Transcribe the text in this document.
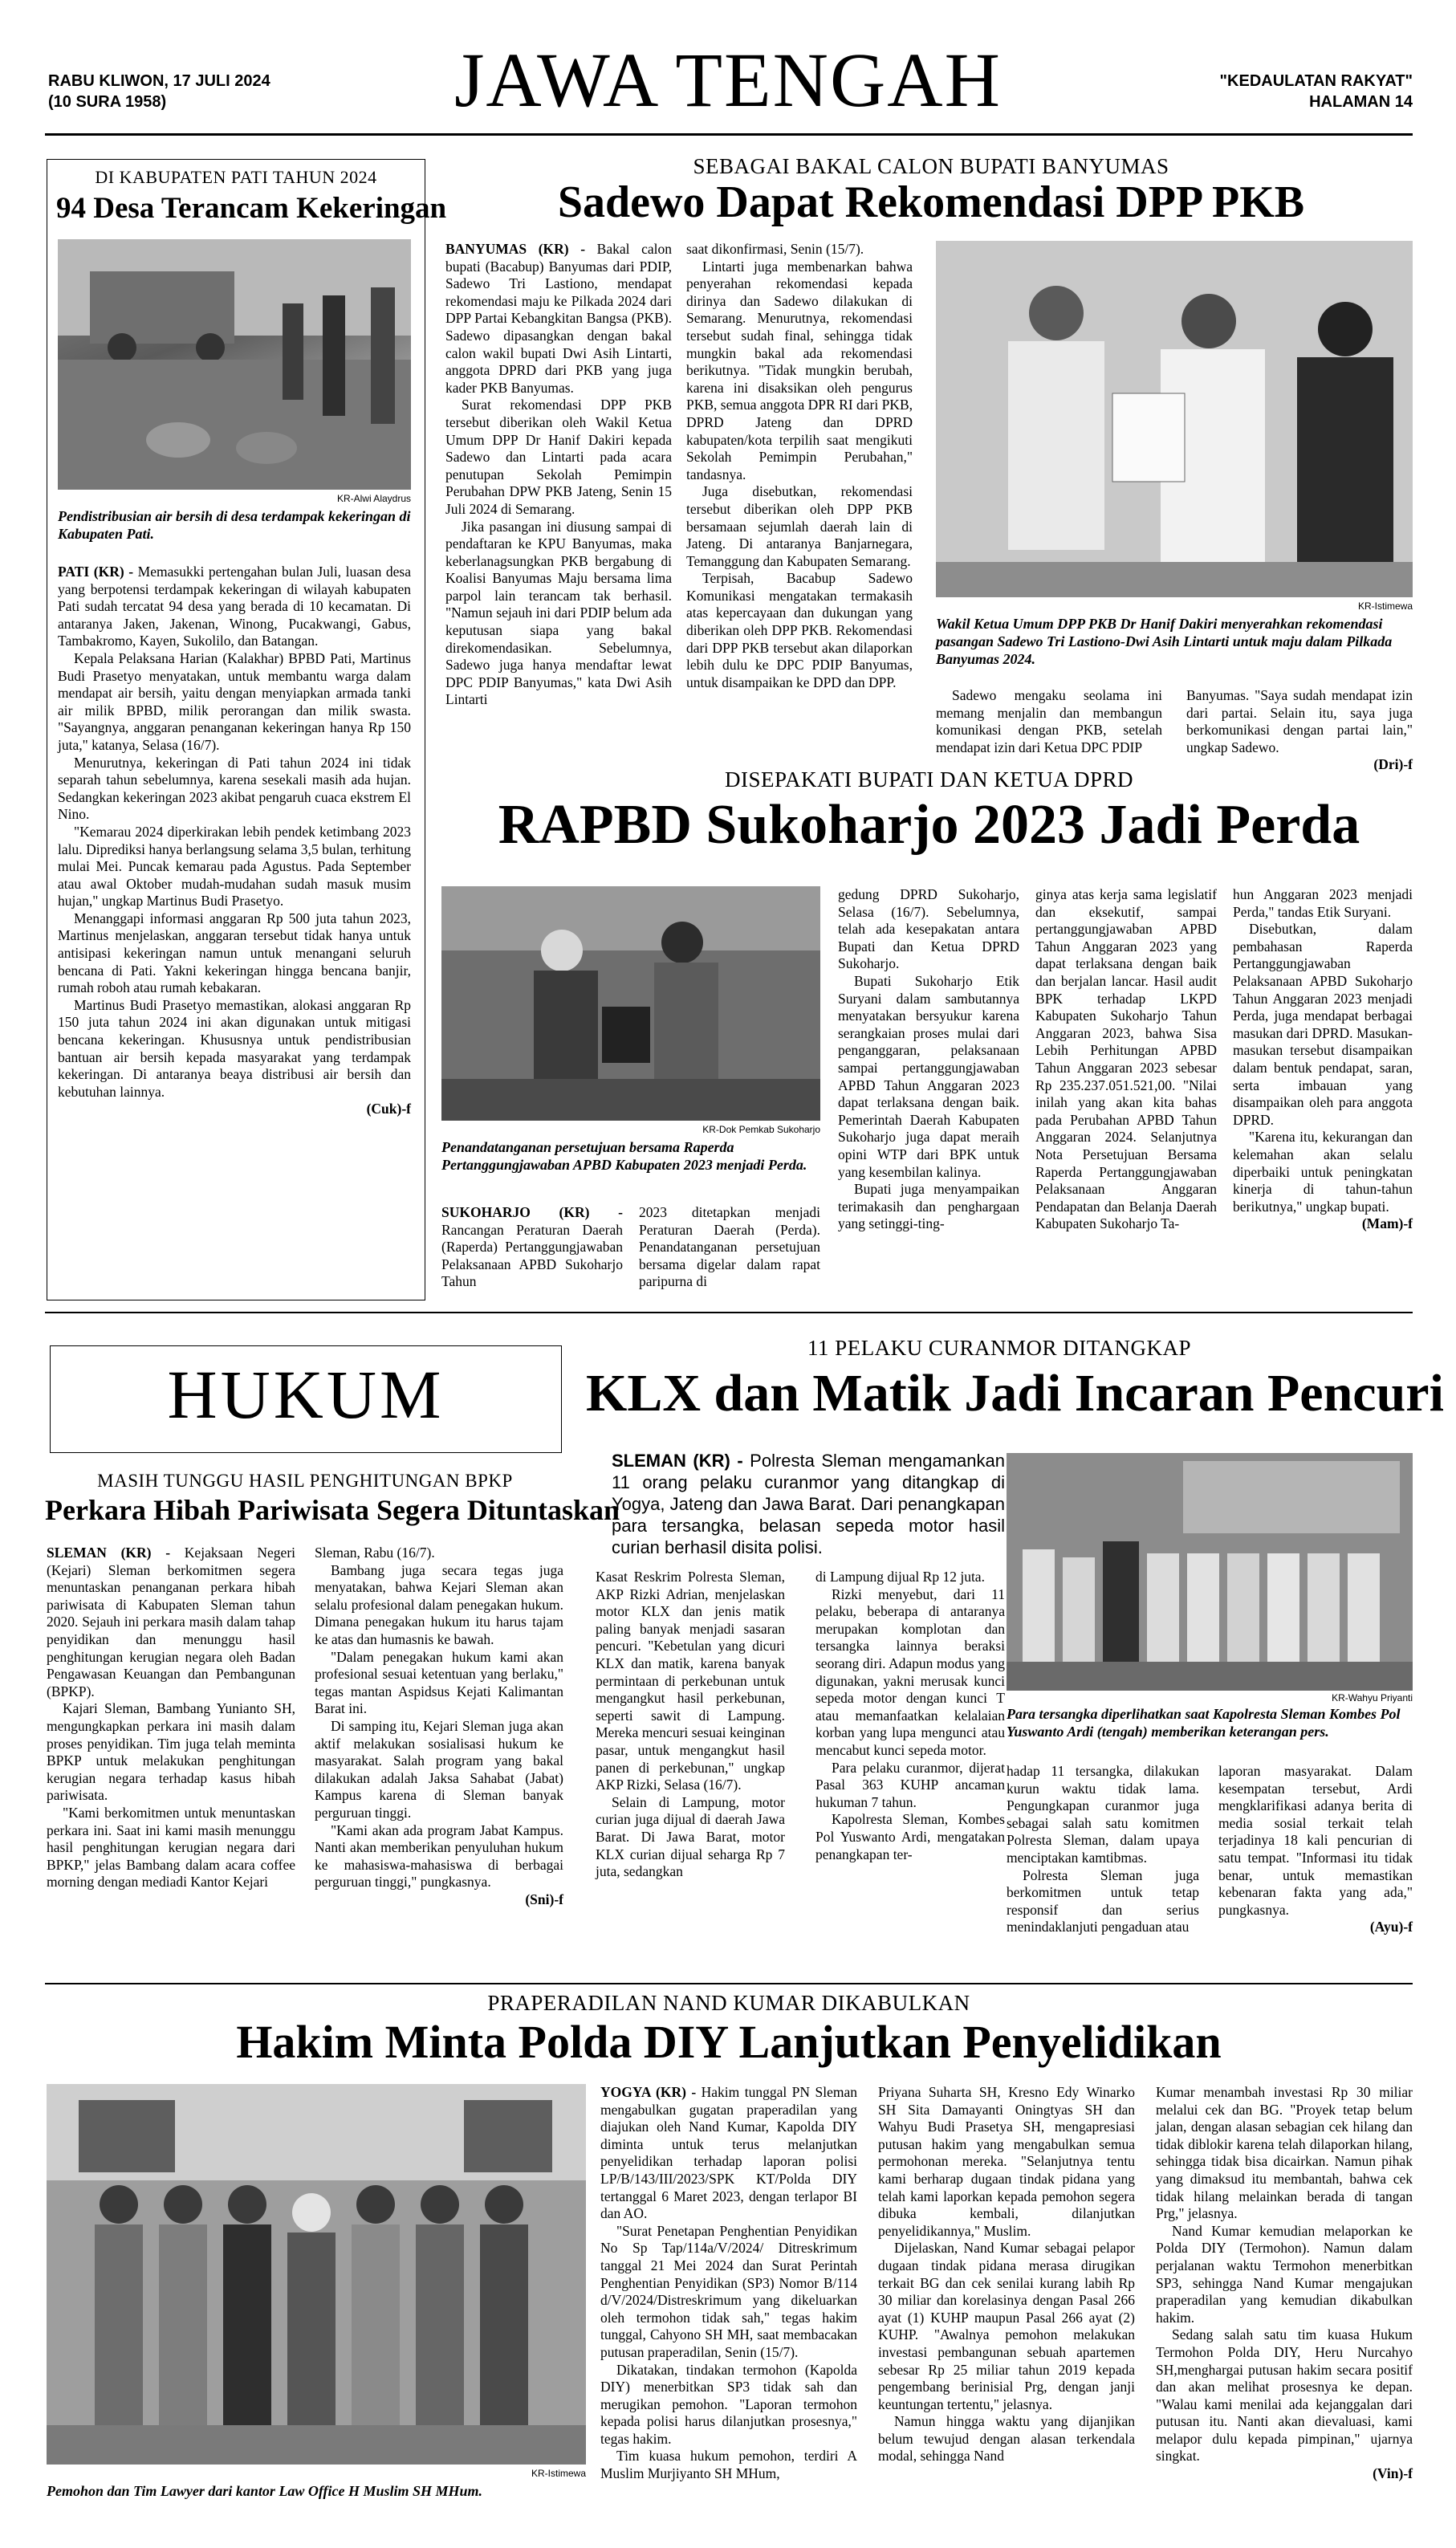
RABU KLIWON, 17 JULI 2024
(10 SURA 1958)	JAWA TENGAH	"KEDAULATAN RAKYAT"
HALAMAN 14
DI KABUPATEN PATI TAHUN 2024
94 Desa Terancam Kekeringan
KR-Alwi Alaydrus
Pendistribusian air bersih di desa terdampak kekeringan di Kabupaten Pati.

PATI (KR) - Memasukki pertengahan bulan Juli, luasan desa yang berpotensi terdampak kekeringan di wilayah kabupaten Pati sudah tercatat 94 desa yang berada di 10 kecamatan. Di antaranya Jaken, Jakenan, Winong, Pucakwangi, Gabus, Tambakromo, Kayen, Sukolilo, dan Batangan.

Kepala Pelaksana Harian (Kalakhar) BPBD Pati, Martinus Budi Prasetyo menyatakan, untuk membantu warga dalam mendapat air bersih, yaitu dengan menyiapkan armada tanki air milik BPBD, milik perorangan dan milik swasta. "Sayangnya, anggaran penanganan kekeringan hanya Rp 150 juta," katanya, Selasa (16/7).

Menurutnya, kekeringan di Pati tahun 2024 ini tidak separah tahun sebelumnya, karena sesekali masih ada hujan. Sedangkan kekeringan 2023 akibat pengaruh cuaca ekstrem El Nino.

"Kemarau 2024 diperkirakan lebih pendek ketimbang 2023 lalu. Diprediksi hanya berlangsung selama 3,5 bulan, terhitung mulai Mei. Puncak kemarau pada Agustus. Pada September atau awal Oktober mudah-mudahan sudah masuk musim hujan," ungkap Martinus Budi Prasetyo.

Menanggapi informasi anggaran Rp 500 juta tahun 2023, Martinus menjelaskan, anggaran tersebut tidak hanya untuk antisipasi kekeringan namun untuk menangani seluruh bencana di Pati. Yakni kekeringan hingga bencana banjir, rumah roboh atau rumah kebakaran.

Martinus Budi Prasetyo memastikan, alokasi anggaran Rp 150 juta tahun 2024 ini akan digunakan untuk mitigasi bencana kekeringan. Khususnya untuk pendistribusian bantuan air bersih kepada masyarakat yang terdampak kekeringan. Di antaranya beaya distribusi air bersih dan kebutuhan lainnya.

(Cuk)-f

SEBAGAI BAKAL CALON BUPATI BANYUMAS
Sadewo Dapat Rekomendasi DPP PKB

BANYUMAS (KR) - Bakal calon bupati (Bacabup) Banyumas dari PDIP, Sadewo Tri Lastiono, mendapat rekomendasi maju ke Pilkada 2024 dari DPP Partai Kebangkitan Bangsa (PKB). Sadewo dipasangkan dengan bakal calon wakil bupati Dwi Asih Lintarti, anggota DPRD dari PKB yang juga kader PKB Banyumas.

Surat rekomendasi DPP PKB tersebut diberikan oleh Wakil Ketua Umum DPP Dr Hanif Dakiri kepada Sadewo dan Lintarti pada acara penutupan Sekolah Pemimpin Perubahan DPW PKB Jateng, Senin 15 Juli 2024 di Semarang.

Jika pasangan ini diusung sampai di pendaftaran ke KPU Banyumas, maka keberlanagsungkan PKB bergabung di Koalisi Banyumas Maju bersama lima parpol lain terancam tak berhasil. "Namun sejauh ini dari PDIP belum ada keputusan siapa yang bakal direkomendasikan. Sebelumnya, Sadewo juga hanya mendaftar lewat DPC PDIP Banyumas," kata Dwi Asih Lintarti

saat dikonfirmasi, Senin (15/7).

Lintarti juga membenarkan bahwa penyerahan rekomendasi kepada dirinya dan Sadewo dilakukan di Semarang. Menurutnya, rekomendasi tersebut sudah final, sehingga tidak mungkin bakal ada rekomendasi berikutnya. "Tidak mungkin berubah, karena ini disaksikan oleh pengurus PKB, semua anggota DPR RI dari PKB, DPRD Jateng dan DPRD kabupaten/kota terpilih saat mengikuti Sekolah Pemimpin Perubahan," tandasnya.

Juga disebutkan, rekomendasi tersebut diberikan oleh DPP PKB bersamaan sejumlah daerah lain di Jateng. Di antaranya Banjarnegara, Temanggung dan Kabupaten Semarang.

Terpisah, Bacabup Sadewo Komunikasi mengatakan termakasih atas kepercayaan dan dukungan yang diberikan oleh DPP PKB. Rekomendasi dari DPP PKB tersebut akan dilaporkan lebih dulu ke DPC PDIP Banyumas, untuk disampaikan ke DPD dan DPP.

KR-Istimewa
Wakil Ketua Umum DPP PKB Dr Hanif Dakiri menyerahkan rekomendasi pasangan Sadewo Tri Lastiono-Dwi Asih Lintarti untuk maju dalam Pilkada Banyumas 2024.

Sadewo mengaku seolama ini memang menjalin dan membangun komunikasi dengan PKB, setelah mendapat izin dari Ketua DPC PDIP

Banyumas. "Saya sudah mendapat izin dari partai. Selain itu, saya juga berkomunikasi dengan partai lain," ungkap Sadewo.

(Dri)-f

DISEPAKATI BUPATI DAN KETUA DPRD
RAPBD Sukoharjo 2023 Jadi Perda
KR-Dok Pemkab Sukoharjo
Penandatanganan persetujuan bersama Raperda Pertanggungjawaban APBD Kabupaten 2023 menjadi Perda.

SUKOHARJO (KR) - Rancangan Peraturan Daerah (Raperda) Pertanggungjawaban Pelaksanaan APBD Sukoharjo Tahun

2023 ditetapkan menjadi Peraturan Daerah (Perda). Penandatanganan persetujuan bersama digelar dalam rapat paripurna di

gedung DPRD Sukoharjo, Selasa (16/7). Sebelumnya, telah ada kesepakatan antara Bupati dan Ketua DPRD Sukoharjo.

Bupati Sukoharjo Etik Suryani dalam sambutannya menyatakan bersyukur karena serangkaian proses mulai dari penganggaran, pelaksanaan sampai pertanggungjawaban APBD Tahun Anggaran 2023 dapat terlaksana dengan baik. Pemerintah Daerah Kabupaten Sukoharjo juga dapat meraih opini WTP dari BPK untuk yang kesembilan kalinya.

Bupati juga menyampaikan terimakasih dan penghargaan yang setinggi-ting-

ginya atas kerja sama legislatif dan eksekutif, sampai pertanggungjawaban APBD Tahun Anggaran 2023 yang dapat terlaksana dengan baik dan berjalan lancar. Hasil audit BPK terhadap LKPD Kabupaten Sukoharjo Tahun Anggaran 2023, bahwa Sisa Lebih Perhitungan APBD Tahun Anggaran 2023 sebesar Rp 235.237.051.521,00. "Nilai inilah yang akan kita bahas pada Perubahan APBD Tahun Anggaran 2024. Selanjutnya Nota Persetujuan Bersama Raperda Pertanggungjawaban Pelaksanaan Anggaran Pendapatan dan Belanja Daerah Kabupaten Sukoharjo Ta-

hun Anggaran 2023 menjadi Perda," tandas Etik Suryani.

Disebutkan, dalam pembahasan Raperda Pertanggungjawaban Pelaksanaan APBD Sukoharjo Tahun Anggaran 2023 menjadi Perda, juga mendapat berbagai masukan dari DPRD. Masukan-masukan tersebut disampaikan dalam bentuk pendapat, saran, serta imbauan yang disampaikan oleh para anggota DPRD.

"Karena itu, kekurangan dan kelemahan akan selalu diperbaiki untuk peningkatan kinerja di tahun-tahun berikutnya," ungkap bupati.

(Mam)-f

HUKUM
MASIH TUNGGU HASIL PENGHITUNGAN BPKP
Perkara Hibah Pariwisata Segera Dituntaskan

SLEMAN (KR) - Kejaksaan Negeri (Kejari) Sleman berkomitmen segera menuntaskan penanganan perkara hibah pariwisata di Kabupaten Sleman tahun 2020. Sejauh ini perkara masih dalam tahap penyidikan dan menunggu hasil penghitungan kerugian negara oleh Badan Pengawasan Keuangan dan Pembangunan (BPKP).

Kajari Sleman, Bambang Yunianto SH, mengungkapkan perkara ini masih dalam proses penyidikan. Tim juga telah meminta BPKP untuk melakukan penghitungan kerugian negara terhadap kasus hibah pariwisata.

"Kami berkomitmen untuk menuntaskan perkara ini. Saat ini kami masih menunggu hasil penghitungan kerugian negara dari BPKP," jelas Bambang dalam acara coffee morning dengan mediadi Kantor Kejari

Sleman, Rabu (16/7).

Bambang juga secara tegas juga menyatakan, bahwa Kejari Sleman akan selalu profesional dalam penegakan hukum. Dimana penegakan hukum itu harus tajam ke atas dan humasnis ke bawah.

"Dalam penegakan hukum kami akan profesional sesuai ketentuan yang berlaku," tegas mantan Aspidsus Kejati Kalimantan Barat ini.

Di samping itu, Kejari Sleman juga akan aktif melakukan sosialisasi hukum ke masyarakat. Salah program yang bakal dilakukan adalah Jaksa Sahabat (Jabat) Kampus karena di Sleman banyak perguruan tinggi.

"Kami akan ada program Jabat Kampus. Nanti akan memberikan penyuluhan hukum ke mahasiswa-mahasiswa di berbagai perguruan tinggi," pungkasnya.

(Sni)-f

11 PELAKU CURANMOR DITANGKAP
KLX dan Matik Jadi Incaran Pencuri
SLEMAN (KR) - Polresta Sleman mengamankan 11 orang pelaku curanmor yang ditangkap di Yogya, Jateng dan Jawa Barat. Dari penangkapan para tersangka, belasan sepeda motor hasil curian berhasil disita polisi.

Kasat Reskrim Polresta Sleman, AKP Rizki Adrian, menjelaskan motor KLX dan jenis matik paling banyak menjadi sasaran pencuri. "Kebetulan yang dicuri KLX dan matik, karena banyak permintaan di perkebunan untuk mengangkut hasil perkebunan, seperti sawit di Lampung. Mereka mencuri sesuai keinginan pasar, untuk mengangkut hasil panen di perkebunan," ungkap AKP Rizki, Selasa (16/7).

Selain di Lampung, motor curian juga dijual di daerah Jawa Barat. Di Jawa Barat, motor KLX curian dijual seharga Rp 7 juta, sedangkan

di Lampung dijual Rp 12 juta.

Rizki menyebut, dari 11 pelaku, beberapa di antaranya merupakan komplotan dan tersangka lainnya beraksi seorang diri. Adapun modus yang digunakan, yakni merusak kunci sepeda motor dengan kunci T atau memanfaatkan kelalaian korban yang lupa mengunci atau mencabut kunci sepeda motor.

Para pelaku curanmor, dijerat Pasal 363 KUHP ancaman hukuman 7 tahun.

Kapolresta Sleman, Kombes Pol Yuswanto Ardi, mengatakan penangkapan ter-

KR-Wahyu Priyanti
Para tersangka diperlihatkan saat Kapolresta Sleman Kombes Pol Yuswanto Ardi (tengah) memberikan keterangan pers.

hadap 11 tersangka, dilakukan kurun waktu tidak lama. Pengungkapan curanmor juga sebagai salah satu komitmen Polresta Sleman, dalam upaya menciptakan kamtibmas.

Polresta Sleman juga berkomitmen untuk tetap responsif dan serius menindaklanjuti pengaduan atau

laporan masyarakat. Dalam kesempatan tersebut, Ardi mengklarifikasi adanya berita di media sosial terkait telah terjadinya 18 kali pencurian di satu tempat. "Informasi itu tidak benar, untuk memastikan kebenaran fakta yang ada," pungkasnya.

(Ayu)-f

PRAPERADILAN NAND KUMAR DIKABULKAN
Hakim Minta Polda DIY Lanjutkan Penyelidikan
KR-Istimewa
Pemohon dan Tim Lawyer dari kantor Law Office H Muslim SH MHum.

YOGYA (KR) - Hakim tunggal PN Sleman mengabulkan gugatan praperadilan yang diajukan oleh Nand Kumar, Kapolda DIY diminta untuk terus melanjutkan penyelidikan terhadap laporan polisi LP/B/143/III/2023/SPK KT/Polda DIY tertanggal 6 Maret 2023, dengan terlapor BI dan AO.

"Surat Penetapan Penghentian Penyidikan No Sp Tap/114a/V/2024/ Ditreskrimum tanggal 21 Mei 2024 dan Surat Perintah Penghentian Penyidikan (SP3) Nomor B/114 d/V/2024/Distreskrimum yang dikeluarkan oleh termohon tidak sah," tegas hakim tunggal, Cahyono SH MH, saat membacakan putusan praperadilan, Senin (15/7).

Dikatakan, tindakan termohon (Kapolda DIY) menerbitkan SP3 tidak sah dan merugikan pemohon. "Laporan termohon kepada polisi harus dilanjutkan prosesnya," tegas hakim.

Tim kuasa hukum pemohon, terdiri A Muslim Murjiyanto SH MHum,

Priyana Suharta SH, Kresno Edy Winarko SH Sita Damayanti Oningtyas SH dan Wahyu Budi Prasetya SH, mengapresiasi putusan hakim yang mengabulkan semua permohonan mereka. "Selanjutnya tentu kami berharap dugaan tindak pidana yang telah kami laporkan kepada pemohon segera dibuka kembali, dilanjutkan penyelidikannya," Muslim.

Dijelaskan, Nand Kumar sebagai pelapor dugaan tindak pidana merasa dirugikan terkait BG dan cek senilai kurang labih Rp 30 miliar dan korelasinya dengan Pasal 266 ayat (1) KUHP maupun Pasal 266 ayat (2) KUHP. "Awalnya pemohon melakukan investasi pembangunan sebuah apartemen sebesar Rp 25 miliar tahun 2019 kepada pengembang berinisial Prg, dengan janji keuntungan tertentu," jelasnya.

Namun hingga waktu yang dijanjikan belum tewujud dengan alasan terkendala modal, sehingga Nand

Kumar menambah investasi Rp 30 miliar melalui cek dan BG. "Proyek tetap belum jalan, dengan alasan sebagian cek hilang dan tidak diblokir karena telah dilaporkan hilang, sehingga tidak bisa dicairkan. Namun pihak yang dimaksud itu membantah, bahwa cek tidak hilang melainkan berada di tangan Prg," jelasnya.

Nand Kumar kemudian melaporkan ke Polda DIY (Termohon). Namun dalam perjalanan waktu Termohon menerbitkan SP3, sehingga Nand Kumar mengajukan praperadilan yang kemudian dikabulkan hakim.

Sedang salah satu tim kuasa Hukum Termohon Polda DIY, Heru Nurcahyo SH,menghargai putusan hakim secara positif dan akan melihat prosesnya ke depan. "Walau kami menilai ada kejanggalan dari putusan itu. Nanti akan dievaluasi, kami melapor dulu kepada pimpinan," ujarnya singkat.

(Vin)-f
